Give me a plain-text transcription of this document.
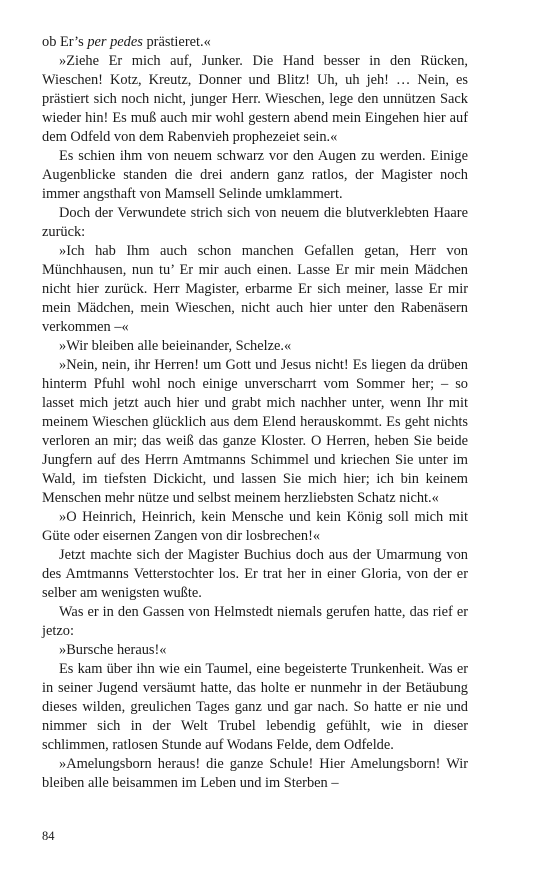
ob Er’s per pedes prästieret.«

»Ziehe Er mich auf, Junker. Die Hand besser in den Rücken, Wieschen! Kotz, Kreutz, Donner und Blitz! Uh, uh jeh! … Nein, es prästiert sich noch nicht, junger Herr. Wieschen, lege den unnützen Sack wieder hin! Es muß auch mir wohl gestern abend mein Eingehen hier auf dem Odfeld von dem Rabenvieh prophezeiet sein.«

Es schien ihm von neuem schwarz vor den Augen zu werden. Einige Augenblicke standen die drei andern ganz ratlos, der Magister noch immer angsthaft von Mamsell Selinde umklammert.

Doch der Verwundete strich sich von neuem die blutverklebten Haare zurück:

»Ich hab Ihm auch schon manchen Gefallen getan, Herr von Münchhausen, nun tu’ Er mir auch einen. Lasse Er mir mein Mädchen nicht hier zurück. Herr Magister, erbarme Er sich meiner, lasse Er mir mein Mädchen, mein Wieschen, nicht auch hier unter den Rabenäsern verkommen –«

»Wir bleiben alle beieinander, Schelze.«

»Nein, nein, ihr Herren! um Gott und Jesus nicht! Es liegen da drüben hinterm Pfuhl wohl noch einige unverscharrt vom Sommer her; – so lasset mich jetzt auch hier und grabt mich nachher unter, wenn Ihr mit meinem Wieschen glücklich aus dem Elend herauskommt. Es geht nichts verloren an mir; das weiß das ganze Kloster. O Herren, heben Sie beide Jungfern auf des Herrn Amtmanns Schimmel und kriechen Sie unter im Wald, im tiefsten Dickicht, und lassen Sie mich hier; ich bin keinem Menschen mehr nütze und selbst meinem herzliebsten Schatz nicht.«

»O Heinrich, Heinrich, kein Mensche und kein König soll mich mit Güte oder eisernen Zangen von dir losbrechen!«

Jetzt machte sich der Magister Buchius doch aus der Umarmung von des Amtmanns Vetterstochter los. Er trat her in einer Gloria, von der er selber am wenigsten wußte.

Was er in den Gassen von Helmstedt niemals gerufen hatte, das rief er jetzo:

»Bursche heraus!«

Es kam über ihn wie ein Taumel, eine begeisterte Trunkenheit. Was er in seiner Jugend versäumt hatte, das holte er nunmehr in der Betäubung dieses wilden, greulichen Tages ganz und gar nach. So hatte er nie und nimmer sich in der Welt Trubel lebendig gefühlt, wie in dieser schlimmen, ratlosen Stunde auf Wodans Felde, dem Odfelde.

»Amelungsborn heraus! die ganze Schule! Hier Amelungsborn! Wir bleiben alle beisammen im Leben und im Sterben –

84
